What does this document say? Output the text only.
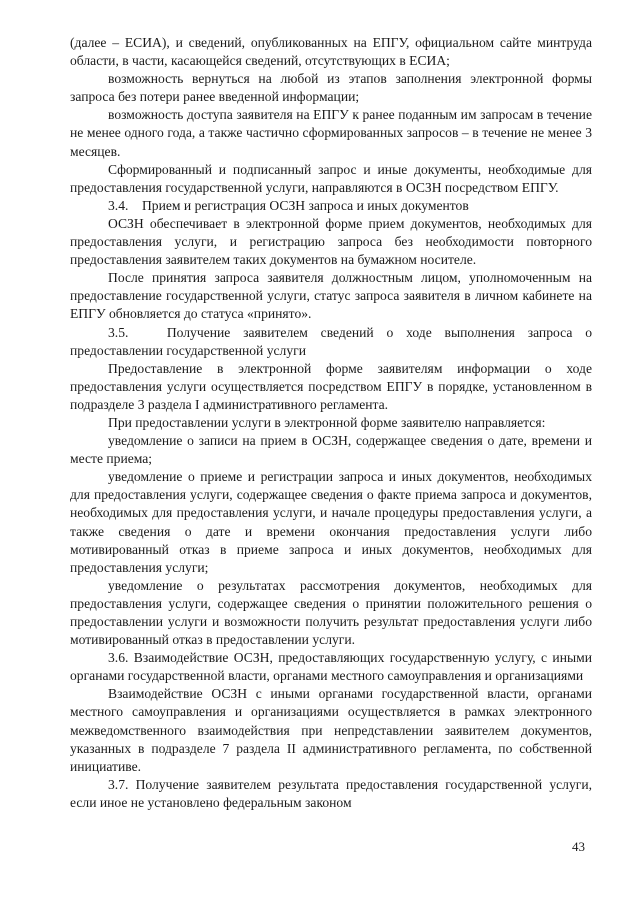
(далее – ЕСИА), и сведений, опубликованных на ЕПГУ, официальном сайте минтруда области, в части, касающейся сведений, отсутствующих в ЕСИА;

возможность вернуться на любой из этапов заполнения электронной формы запроса без потери ранее введенной информации;

возможность доступа заявителя на ЕПГУ к ранее поданным им запросам в течение не менее одного года, а также частично сформированных запросов – в течение не менее 3 месяцев.

Сформированный и подписанный запрос и иные документы, необходимые для предоставления государственной услуги, направляются в ОСЗН посредством ЕПГУ.

3.4.    Прием и регистрация ОСЗН запроса и иных документов

ОСЗН обеспечивает в электронной форме прием документов, необходимых для предоставления услуги, и регистрацию запроса без необходимости повторного предоставления заявителем таких документов на бумажном носителе.

После принятия запроса заявителя должностным лицом, уполномоченным на предоставление государственной услуги, статус запроса заявителя в личном кабинете на ЕПГУ обновляется до статуса «принято».

3.5.   Получение заявителем сведений о ходе выполнения запроса о предоставлении государственной услуги

Предоставление в электронной форме заявителям информации о ходе предоставления услуги осуществляется посредством ЕПГУ в порядке, установленном в подразделе 3 раздела I административного регламента.

При предоставлении услуги в электронной форме заявителю направляется:

уведомление о записи на прием в ОСЗН, содержащее сведения о дате, времени и месте приема;

уведомление о приеме и регистрации запроса и иных документов, необходимых для предоставления услуги, содержащее сведения о факте приема запроса и документов, необходимых для предоставления услуги, и начале процедуры предоставления услуги, а также сведения о дате и времени окончания предоставления услуги либо мотивированный отказ в приеме запроса и иных документов, необходимых для предоставления услуги;

уведомление о результатах рассмотрения документов, необходимых для предоставления услуги, содержащее сведения о принятии положительного решения о предоставлении услуги и возможности получить результат предоставления услуги либо мотивированный отказ в предоставлении услуги.

3.6. Взаимодействие ОСЗН, предоставляющих государственную услугу, с иными органами государственной власти, органами местного самоуправления и организациями

Взаимодействие ОСЗН с иными органами государственной власти, органами местного самоуправления и организациями осуществляется в рамках электронного межведомственного взаимодействия при непредставлении заявителем документов, указанных в подразделе 7 раздела II административного регламента, по собственной инициативе.

3.7. Получение заявителем результата предоставления государственной услуги, если иное не установлено федеральным законом

43
